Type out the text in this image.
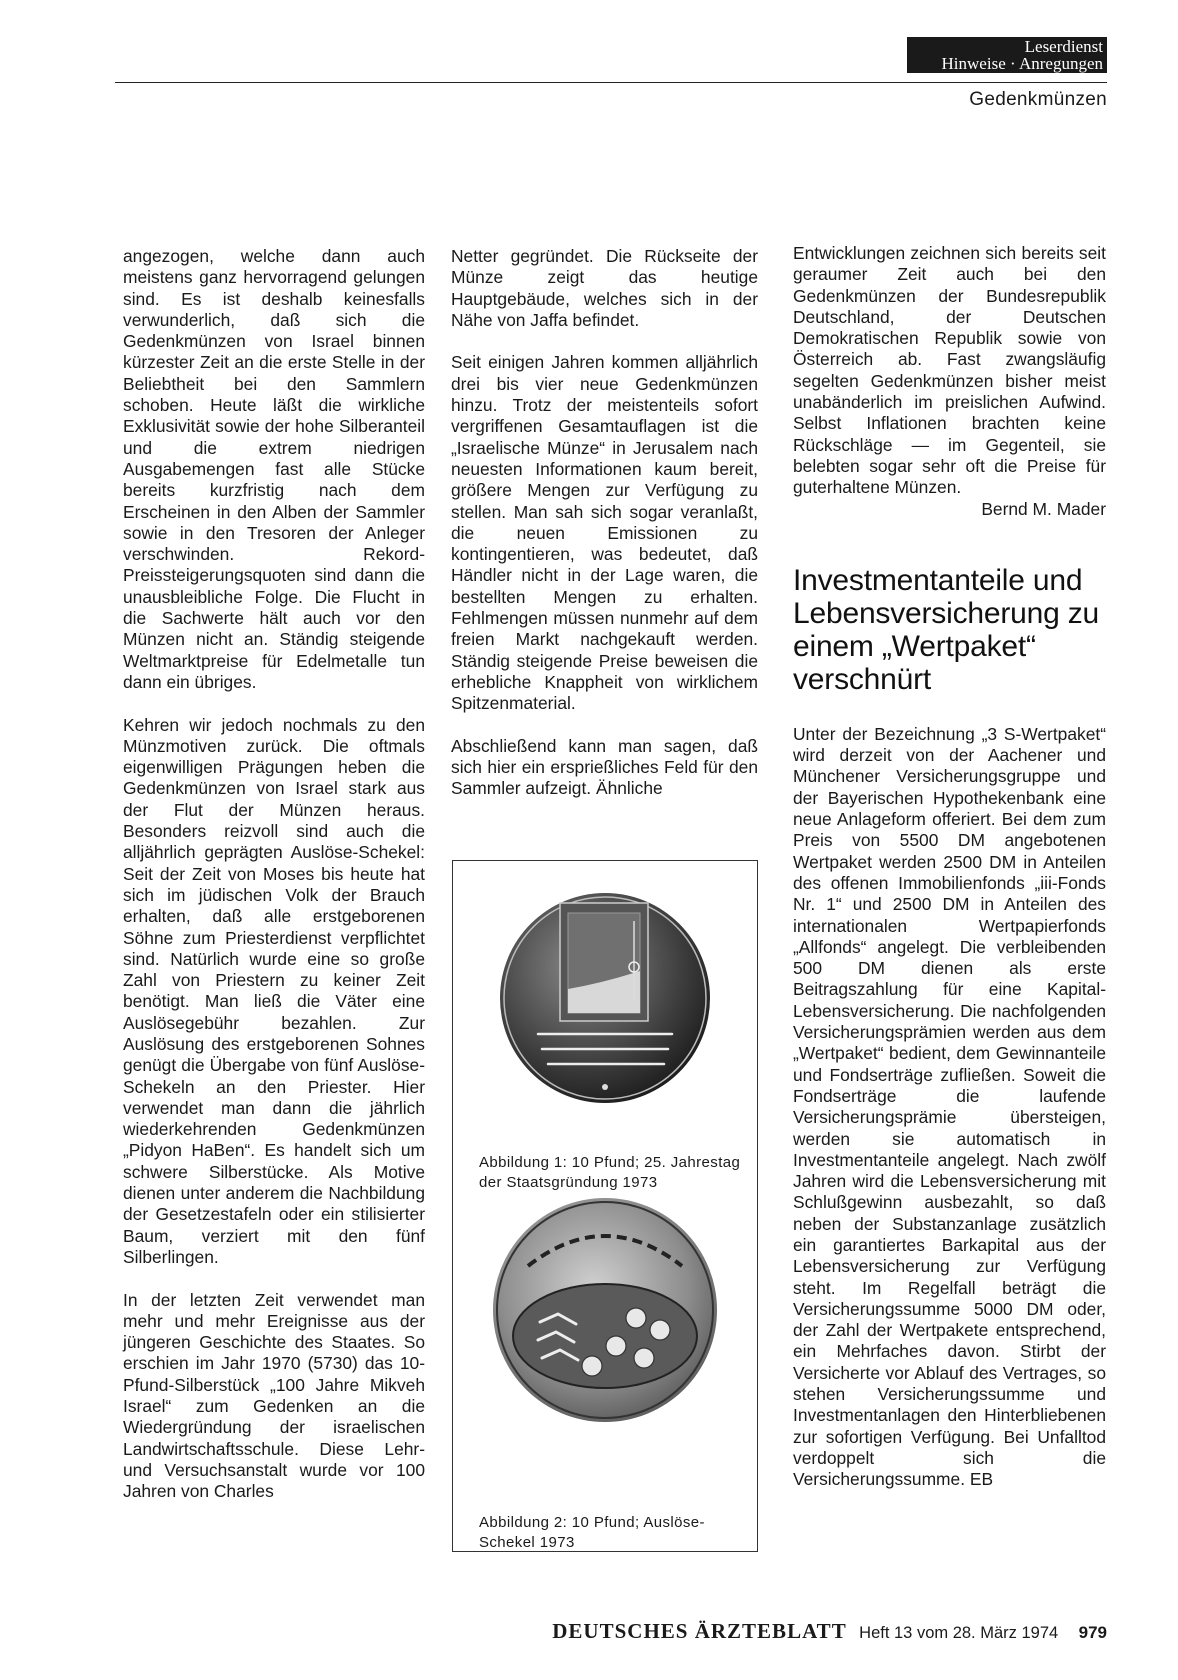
Leserdienst
Hinweise · Anregungen
Gedenkmünzen

angezogen, welche dann auch meistens ganz hervorragend gelungen sind. Es ist deshalb keinesfalls verwunderlich, daß sich die Gedenkmünzen von Israel binnen kürzester Zeit an die erste Stelle in der Beliebtheit bei den Sammlern schoben. Heute läßt die wirkliche Exklusivität sowie der hohe Silberanteil und die extrem niedrigen Ausgabemengen fast alle Stücke bereits kurzfristig nach dem Erscheinen in den Alben der Sammler sowie in den Tresoren der Anleger verschwinden. Rekord-Preissteigerungsquoten sind dann die unausbleibliche Folge. Die Flucht in die Sachwerte hält auch vor den Münzen nicht an. Ständig steigende Weltmarktpreise für Edelmetalle tun dann ein übriges.

Kehren wir jedoch nochmals zu den Münzmotiven zurück. Die oftmals eigenwilligen Prägungen heben die Gedenkmünzen von Israel stark aus der Flut der Münzen heraus. Besonders reizvoll sind auch die alljährlich geprägten Auslöse-Schekel: Seit der Zeit von Moses bis heute hat sich im jüdischen Volk der Brauch erhalten, daß alle erstgeborenen Söhne zum Priesterdienst verpflichtet sind. Natürlich wurde eine so große Zahl von Priestern zu keiner Zeit benötigt. Man ließ die Väter eine Auslösegebühr bezahlen. Zur Auslösung des erstgeborenen Sohnes genügt die Übergabe von fünf Auslöse-Schekeln an den Priester. Hier verwendet man dann die jährlich wiederkehrenden Gedenkmünzen „Pidyon HaBen“. Es handelt sich um schwere Silberstücke. Als Motive dienen unter anderem die Nachbildung der Gesetzestafeln oder ein stilisierter Baum, verziert mit den fünf Silberlingen.

In der letzten Zeit verwendet man mehr und mehr Ereignisse aus der jüngeren Geschichte des Staates. So erschien im Jahr 1970 (5730) das 10-Pfund-Silberstück „100 Jahre Mikveh Israel“ zum Gedenken an die Wiedergründung der israelischen Landwirtschaftsschule. Diese Lehr- und Versuchsanstalt wurde vor 100 Jahren von Charles

Netter gegründet. Die Rückseite der Münze zeigt das heutige Hauptgebäude, welches sich in der Nähe von Jaffa befindet.

Seit einigen Jahren kommen alljährlich drei bis vier neue Gedenkmünzen hinzu. Trotz der meistenteils sofort vergriffenen Gesamtauflagen ist die „Israelische Münze“ in Jerusalem nach neuesten Informationen kaum bereit, größere Mengen zur Verfügung zu stellen. Man sah sich sogar veranlaßt, die neuen Emissionen zu kontingentieren, was bedeutet, daß Händler nicht in der Lage waren, die bestellten Mengen zu erhalten. Fehlmengen müssen nunmehr auf dem freien Markt nachgekauft werden. Ständig steigende Preise beweisen die erhebliche Knappheit von wirklichem Spitzenmaterial.

Abschließend kann man sagen, daß sich hier ein ersprießliches Feld für den Sammler aufzeigt. Ähnliche

Abbildung 1: 10 Pfund; 25. Jahrestag der Staatsgründung 1973
Abbildung 2: 10 Pfund; Auslöse-Schekel 1973

Entwicklungen zeichnen sich bereits seit geraumer Zeit auch bei den Gedenkmünzen der Bundesrepublik Deutschland, der Deutschen Demokratischen Republik sowie von Österreich ab. Fast zwangsläufig segelten Gedenkmünzen bisher meist unabänderlich im preislichen Aufwind. Selbst Inflationen brachten keine Rückschläge — im Gegenteil, sie belebten sogar sehr oft die Preise für guterhaltene Münzen.

Bernd M. Mader
Investmentanteile und Lebensversicherung zu einem „Wertpaket“ verschnürt

Unter der Bezeichnung „3 S-Wertpaket“ wird derzeit von der Aachener und Münchener Versicherungsgruppe und der Bayerischen Hypothekenbank eine neue Anlageform offeriert. Bei dem zum Preis von 5500 DM angebotenen Wertpaket werden 2500 DM in Anteilen des offenen Immobilienfonds „iii-Fonds Nr. 1“ und 2500 DM in Anteilen des internationalen Wertpapierfonds „Allfonds“ angelegt. Die verbleibenden 500 DM dienen als erste Beitragszahlung für eine Kapital-Lebensversicherung. Die nachfolgenden Versicherungsprämien werden aus dem „Wertpaket“ bedient, dem Gewinnanteile und Fondserträge zufließen. Soweit die Fondserträge die laufende Versicherungsprämie übersteigen, werden sie automatisch in Investmentanteile angelegt. Nach zwölf Jahren wird die Lebensversicherung mit Schlußgewinn ausbezahlt, so daß neben der Substanzanlage zusätzlich ein garantiertes Barkapital aus der Lebensversicherung zur Verfügung steht. Im Regelfall beträgt die Versicherungssumme 5000 DM oder, der Zahl der Wertpakete entsprechend, ein Mehrfaches davon. Stirbt der Versicherte vor Ablauf des Vertrages, so stehen Versicherungssumme und Investmentanlagen den Hinterbliebenen zur sofortigen Verfügung. Bei Unfalltod verdoppelt sich die Versicherungssumme. EB

DEUTSCHES ÄRZTEBLATT Heft 13 vom 28. März 1974 979
